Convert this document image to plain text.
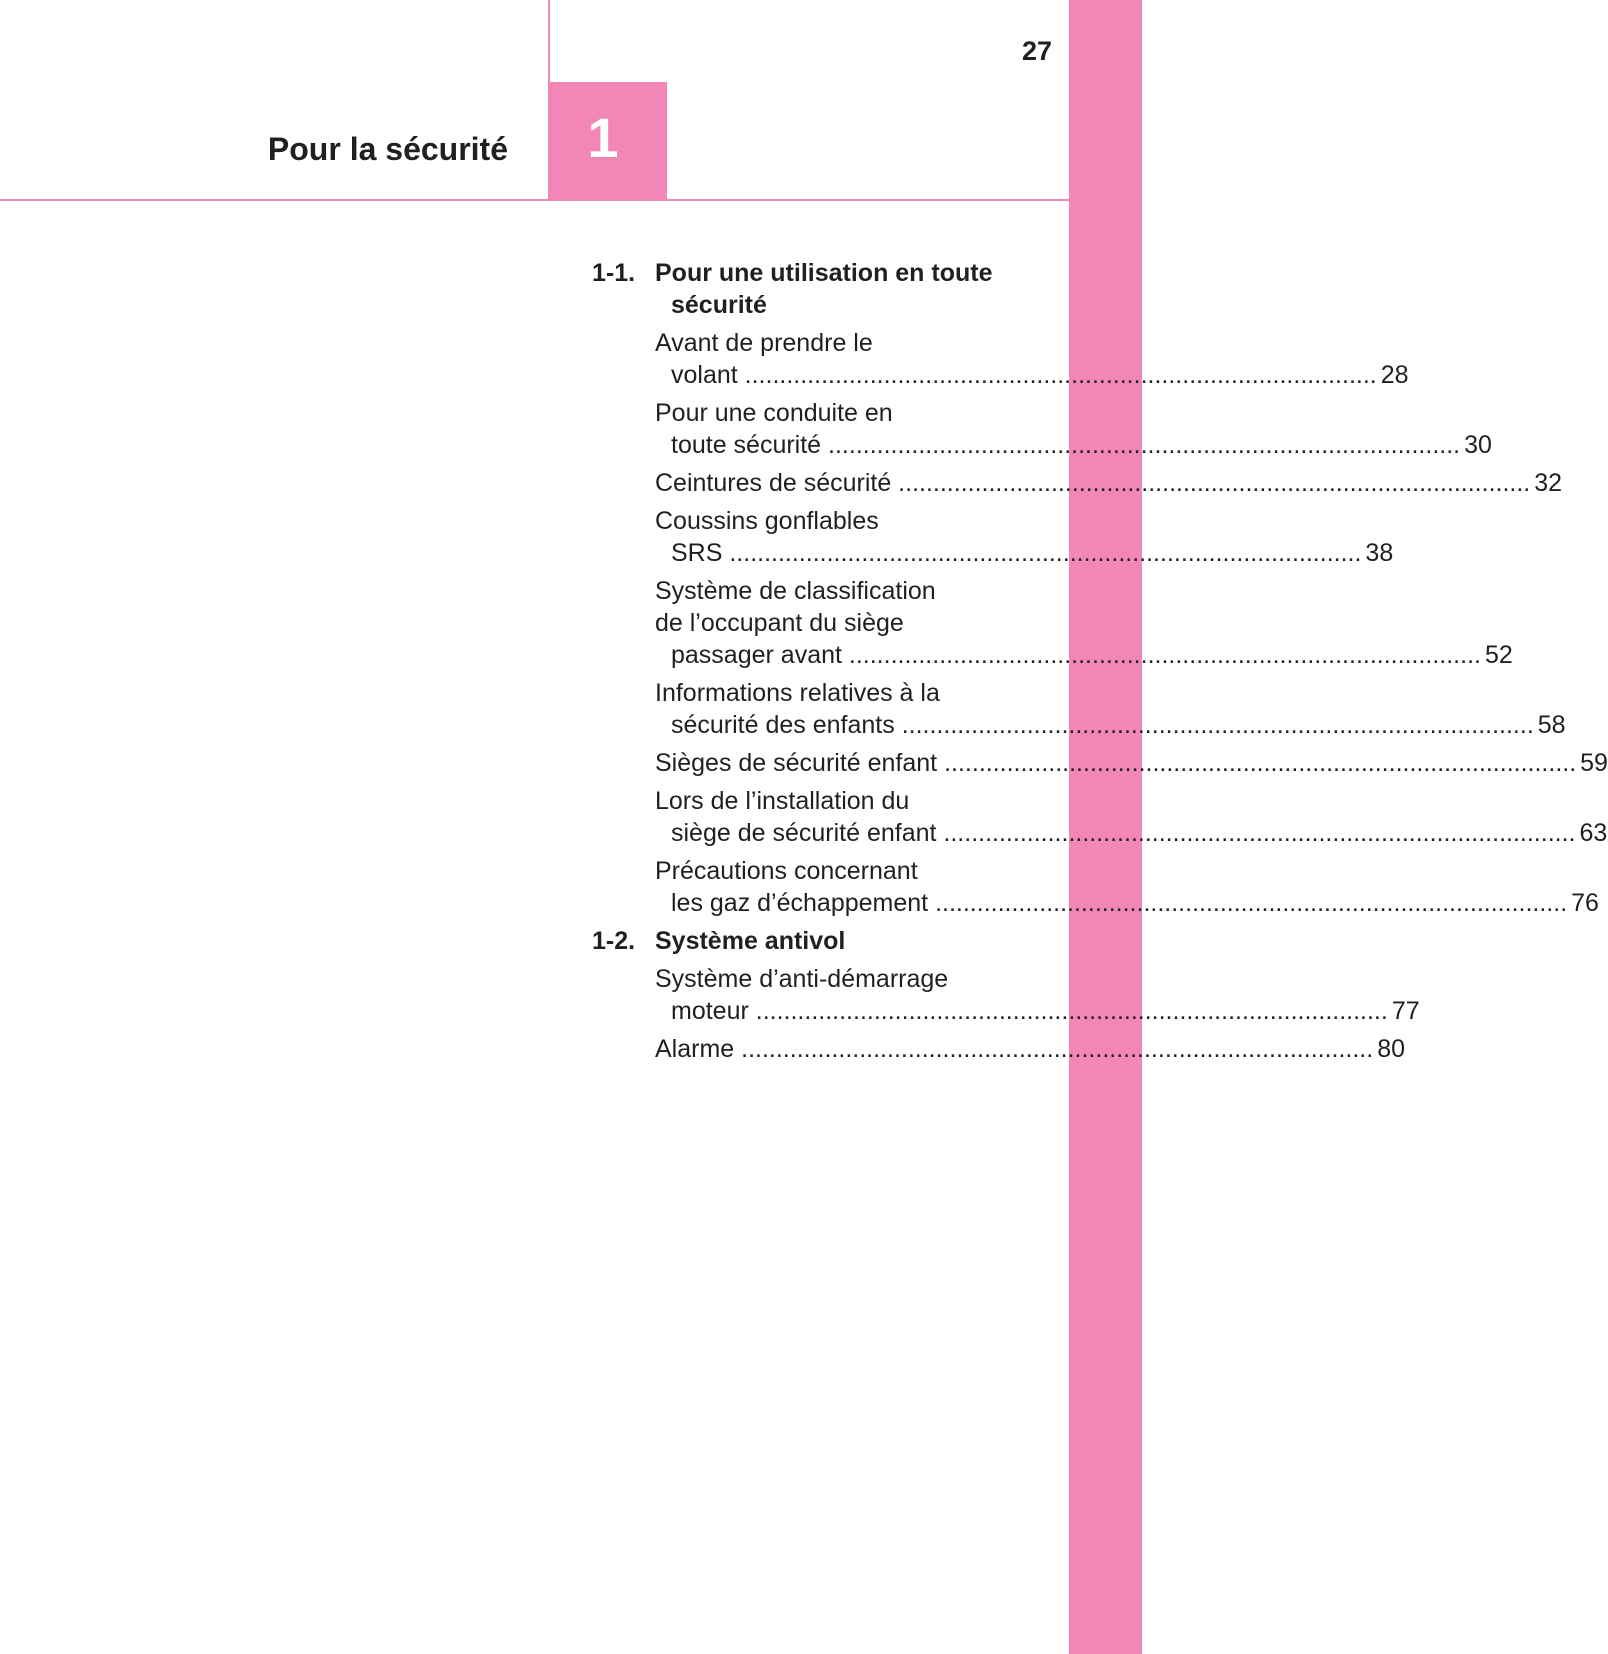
1
27
Pour la sécurité
1-1. Pour une utilisation en toute sécurité
Avant de prendre le
volant .....	28
Pour une conduite en
toute sécurité .....	30
Ceintures de sécurité .....	32
Coussins gonflables
SRS .....	38
Système de classification
de l’occupant du siège
passager avant .....	52
Informations relatives à la
sécurité des enfants .....	58
Sièges de sécurité enfant .....	59
Lors de l’installation du
siège de sécurité enfant .....	63
Précautions concernant
les gaz d’échappement .....	76
1-2. Système antivol
Système d’anti-démarrage
moteur .....	77
Alarme .....	80
